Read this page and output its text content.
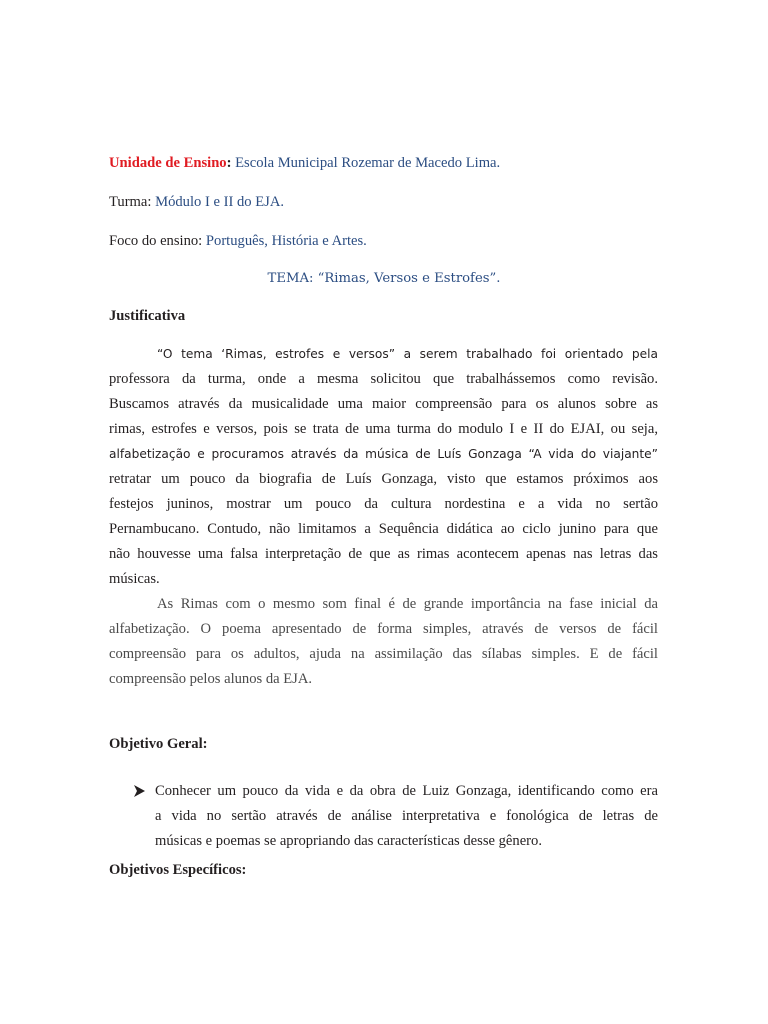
Unidade de Ensino: Escola Municipal Rozemar de Macedo Lima.
Turma: Módulo I e II do EJA.
Foco do ensino: Português, História e Artes.
TEMA: “Rimas, Versos e Estrofes”.
Justificativa
“O tema ‘Rimas, estrofes e versos” a serem trabalhado foi orientado pela
professora da turma, onde a mesma solicitou que trabalhássemos como revisão.
Buscamos através da musicalidade uma maior compreensão para os alunos sobre as
rimas, estrofes e versos, pois se trata de uma turma do modulo I e II do EJAI, ou seja,
alfabetização e procuramos através da música de Luís Gonzaga “A vida do viajante”
retratar um pouco da biografia de Luís Gonzaga, visto que estamos próximos aos
festejos juninos, mostrar um pouco da cultura nordestina e a vida no sertão
Pernambucano. Contudo, não limitamos a Sequência didática ao ciclo junino para que
não houvesse uma falsa interpretação de que as rimas acontecem apenas nas letras das
músicas.
As Rimas com o mesmo som final é de grande importância na fase inicial da
alfabetização. O poema apresentado de forma simples, através de versos de fácil
compreensão para os adultos, ajuda na assimilação das sílabas simples. E de fácil
compreensão pelos alunos da EJA.
Objetivo Geral:
Conhecer um pouco da vida e da obra de Luiz Gonzaga, identificando como era
a vida no sertão através de análise interpretativa e fonológica de letras de
músicas e poemas se apropriando das características desse gênero.
Objetivos Específicos:
